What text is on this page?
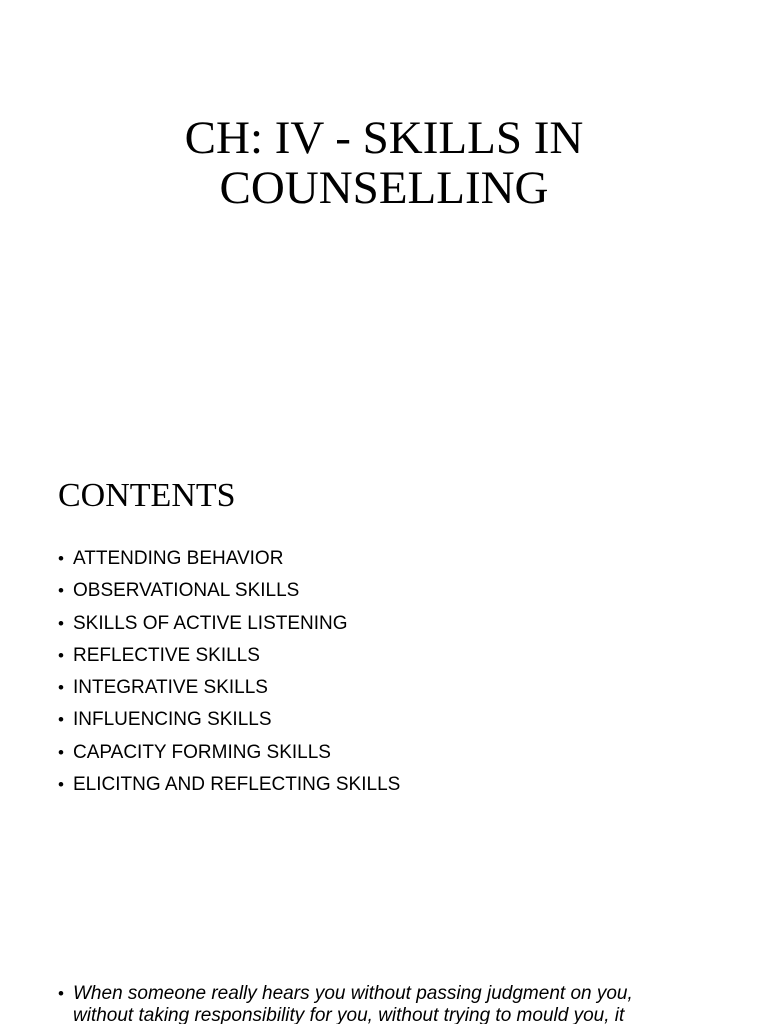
CH: IV - SKILLS IN
COUNSELLING
CONTENTS
• ATTENDING BEHAVIOR
• OBSERVATIONAL SKILLS
• SKILLS OF ACTIVE LISTENING
• REFLECTIVE SKILLS
• INTEGRATIVE SKILLS
• INFLUENCING SKILLS
• CAPACITY FORMING SKILLS
• ELICITNG AND REFLECTING SKILLS

• When someone really hears you without passing judgment on you,
without taking responsibility for you, without trying to mould you, it
